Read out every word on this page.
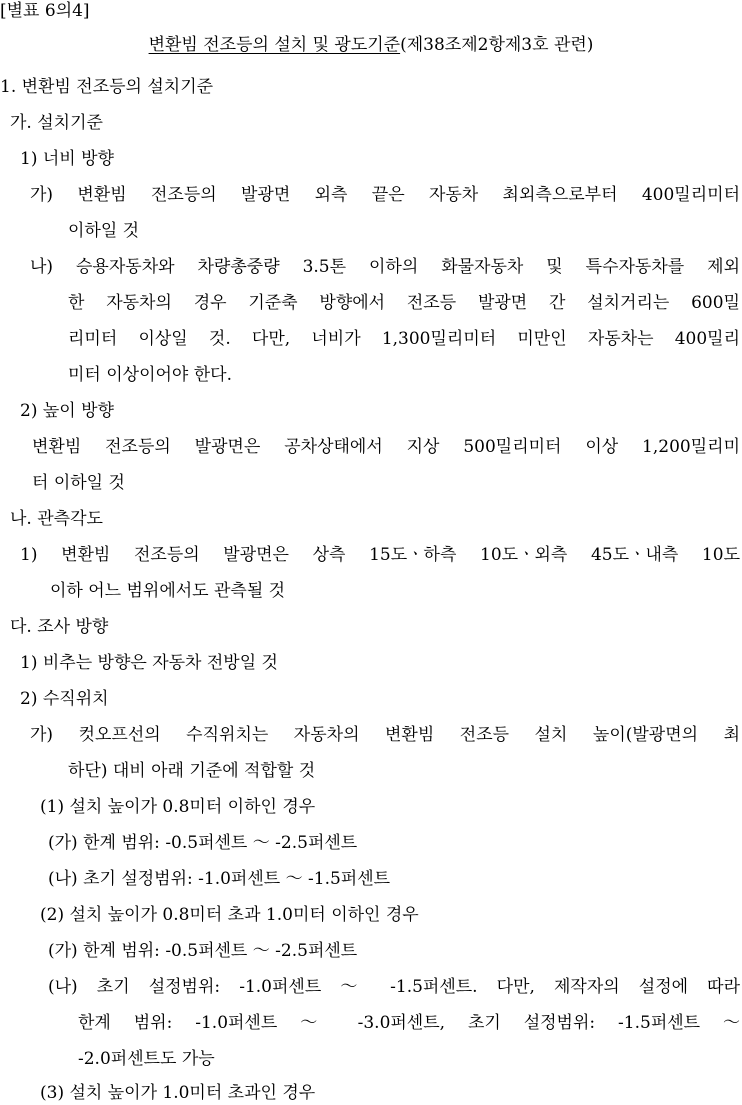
[별표 6의4]
변환빔 전조등의 설치 및 광도기준(제38조제2항제3호 관련)
1. 변환빔 전조등의 설치기준
가. 설치기준
1) 너비 방향
가) 변환빔 전조등의 발광면 외측 끝은 자동차 최외측으로부터 400밀리미터
이하일 것
나) 승용자동차와 차량총중량 3.5톤 이하의 화물자동차 및 특수자동차를 제외
한 자동차의 경우 기준축 방향에서 전조등 발광면 간 설치거리는 600밀
리미터 이상일 것. 다만, 너비가 1,300밀리미터 미만인 자동차는 400밀리
미터 이상이어야 한다.
2) 높이 방향
변환빔 전조등의 발광면은 공차상태에서 지상 500밀리미터 이상 1,200밀리미
터 이하일 것
나. 관측각도
1) 변환빔 전조등의 발광면은 상측 15도ㆍ하측 10도ㆍ외측 45도ㆍ내측 10도
이하 어느 범위에서도 관측될 것
다. 조사 방향
1) 비추는 방향은 자동차 전방일 것
2) 수직위치
가) 컷오프선의 수직위치는 자동차의 변환빔 전조등 설치 높이(발광면의 최
하단) 대비 아래 기준에 적합할 것
(1) 설치 높이가 0.8미터 이하인 경우
(가) 한계 범위: -0.5퍼센트 ～ -2.5퍼센트
(나) 초기 설정범위: -1.0퍼센트 ～ -1.5퍼센트
(2) 설치 높이가 0.8미터 초과 1.0미터 이하인 경우
(가) 한계 범위: -0.5퍼센트 ～ -2.5퍼센트
(나) 초기 설정범위: -1.0퍼센트 ～ -1.5퍼센트. 다만, 제작자의 설정에 따라
한계 범위: -1.0퍼센트 ～ -3.0퍼센트, 초기 설정범위: -1.5퍼센트 ～
-2.0퍼센트도 가능
(3) 설치 높이가 1.0미터 초과인 경우
